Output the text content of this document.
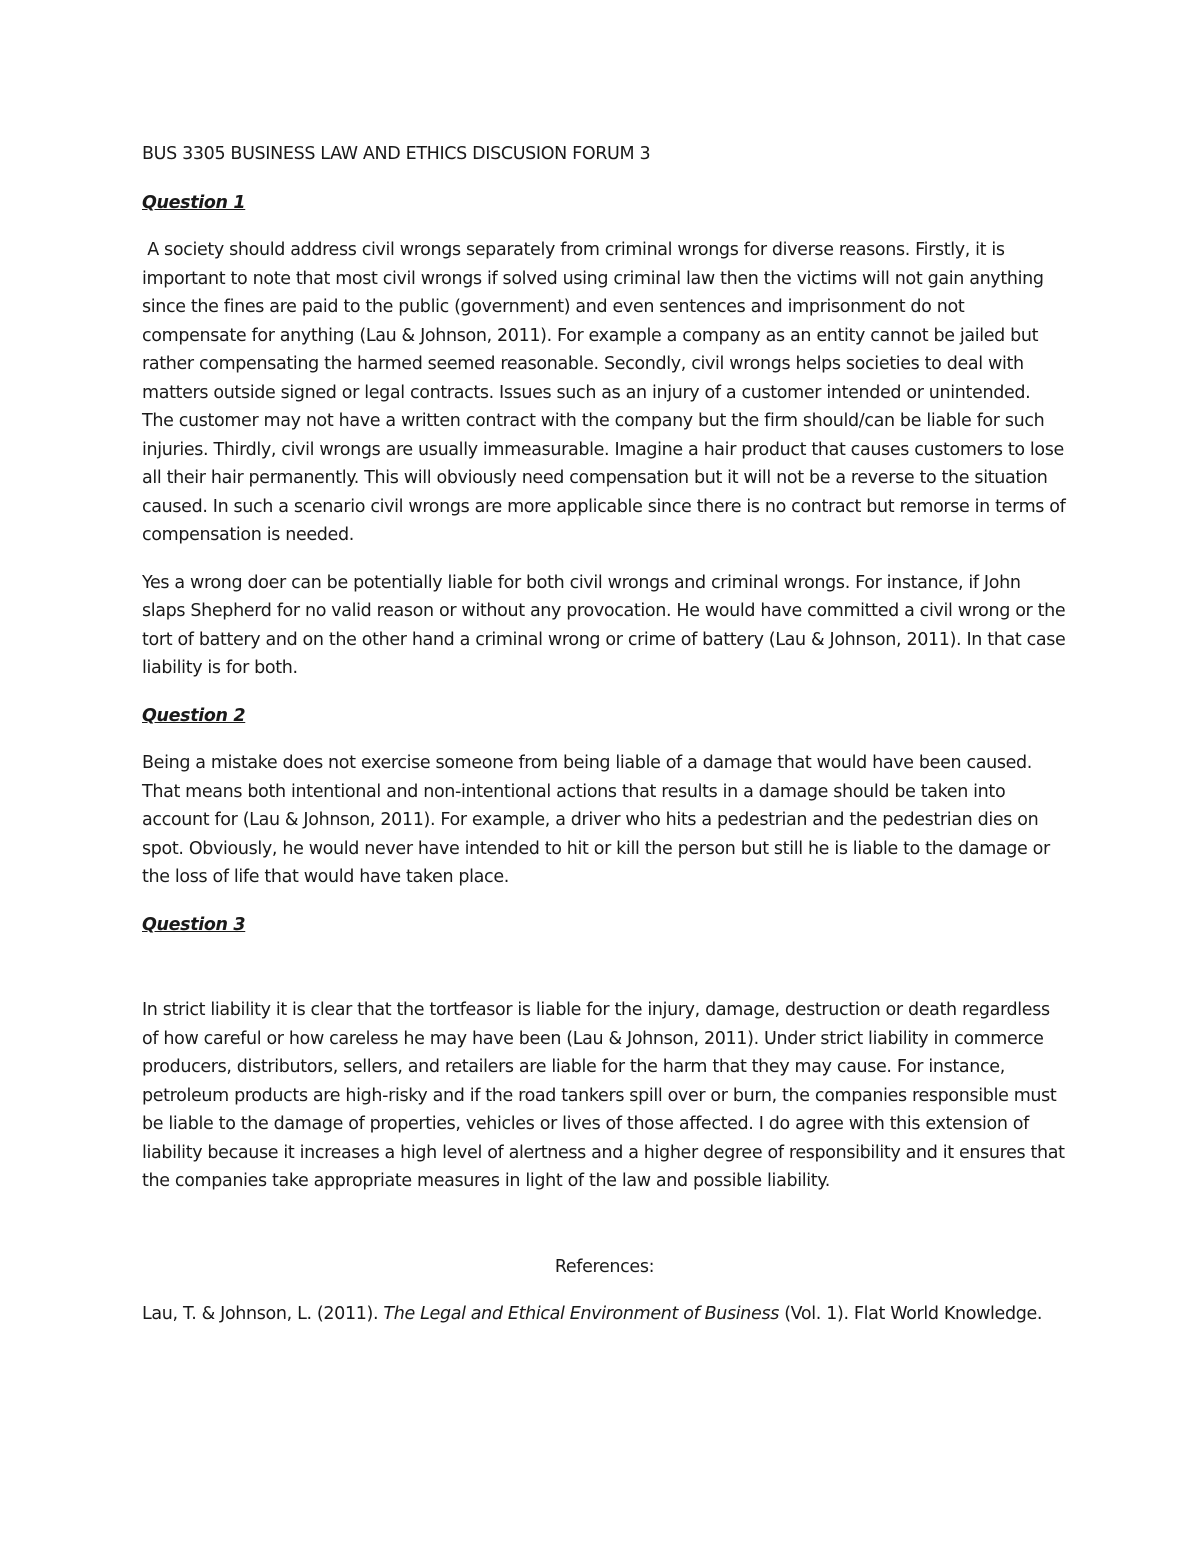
BUS 3305 BUSINESS LAW AND ETHICS DISCUSION FORUM 3
Question 1
A society should address civil wrongs separately from criminal wrongs for diverse reasons. Firstly, it is important to note that most civil wrongs if solved using criminal law then the victims will not gain anything since the fines are paid to the public (government) and even sentences and imprisonment do not compensate for anything (Lau & Johnson, 2011). For example a company as an entity cannot be jailed but rather compensating the harmed seemed reasonable. Secondly, civil wrongs helps societies to deal with matters outside signed or legal contracts. Issues such as an injury of a customer intended or unintended. The customer may not have a written contract with the company but the firm should/can be liable for such injuries. Thirdly, civil wrongs are usually immeasurable. Imagine a hair product that causes customers to lose all their hair permanently. This will obviously need compensation but it will not be a reverse to the situation caused. In such a scenario civil wrongs are more applicable since there is no contract but remorse in terms of compensation is needed.
Yes a wrong doer can be potentially liable for both civil wrongs and criminal wrongs. For instance, if John slaps Shepherd for no valid reason or without any provocation. He would have committed a civil wrong or the tort of battery and on the other hand a criminal wrong or crime of battery (Lau & Johnson, 2011). In that case liability is for both.
Question 2
Being a mistake does not exercise someone from being liable of a damage that would have been caused. That means both intentional and non-intentional actions that results in a damage should be taken into account for (Lau & Johnson, 2011). For example, a driver who hits a pedestrian and the pedestrian dies on spot. Obviously, he would never have intended to hit or kill the person but still he is liable to the damage or the loss of life that would have taken place.
Question 3
In strict liability it is clear that the tortfeasor is liable for the injury, damage, destruction or death regardless of how careful or how careless he may have been (Lau & Johnson, 2011). Under strict liability in commerce producers, distributors, sellers, and retailers are liable for the harm that they may cause. For instance, petroleum products are high-risky and if the road tankers spill over or burn, the companies responsible must be liable to the damage of properties, vehicles or lives of those affected. I do agree with this extension of liability because it increases a high level of alertness and a higher degree of responsibility and it ensures that the companies take appropriate measures in light of the law and possible liability.
References:
Lau, T. & Johnson, L. (2011). The Legal and Ethical Environment of Business (Vol. 1). Flat World Knowledge.
